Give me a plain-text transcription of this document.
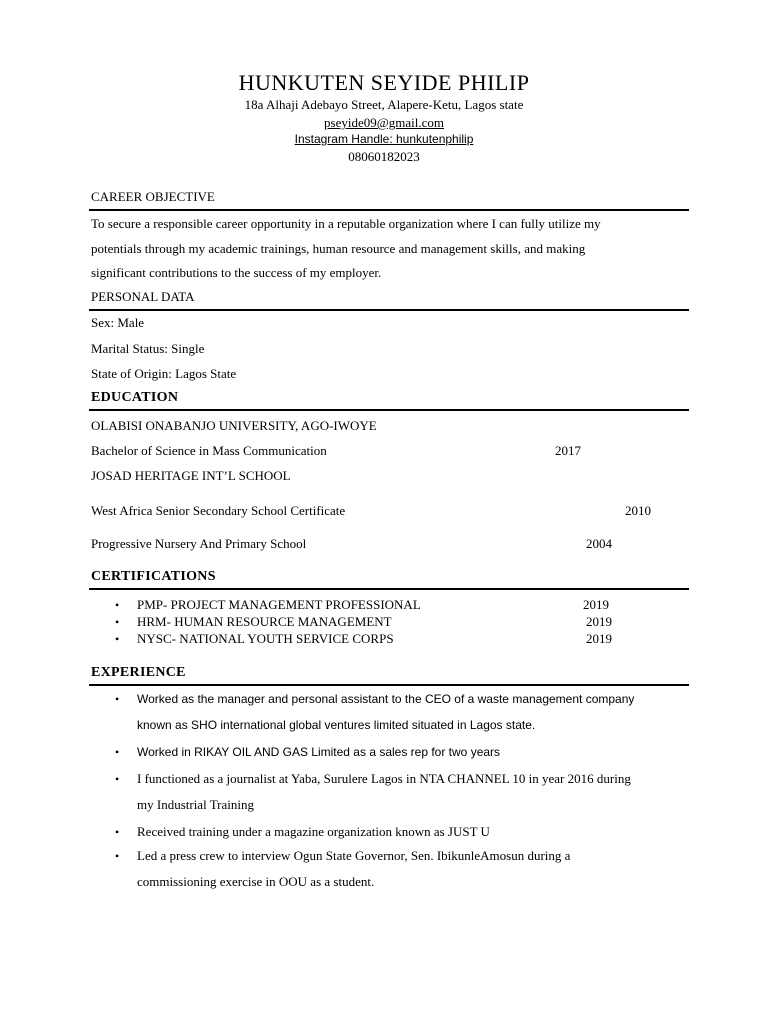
HUNKUTEN SEYIDE PHILIP
18a Alhaji Adebayo Street, Alapere-Ketu, Lagos state
pseyide09@gmail.com
Instagram Handle: hunkutenphilip
08060182023
CAREER OBJECTIVE
To secure a responsible career opportunity in a reputable organization where I can fully utilize my
potentials through my academic trainings, human resource and management skills, and making
significant contributions to the success of my employer.
PERSONAL DATA
Sex: Male
Marital Status: Single
State of Origin: Lagos State
EDUCATION
OLABISI ONABANJO UNIVERSITY, AGO-IWOYE
Bachelor of Science in Mass Communication	2017
JOSAD HERITAGE INT’L SCHOOL
West Africa Senior Secondary School Certificate	2010
Progressive Nursery And Primary School	2004
CERTIFICATIONS
• PMP- PROJECT MANAGEMENT PROFESSIONAL	2019
• HRM- HUMAN RESOURCE MANAGEMENT	2019
• NYSC- NATIONAL YOUTH SERVICE CORPS	2019
EXPERIENCE
• Worked as the manager and personal assistant to the CEO of a waste management company
known as SHO international global ventures limited situated in Lagos state.
• Worked in RIKAY OIL AND GAS Limited as a sales rep for two years
• I functioned as a journalist at Yaba, Surulere Lagos in NTA CHANNEL 10 in year 2016 during
my Industrial Training
• Received training under a magazine organization known as JUST U
• Led a press crew to interview Ogun State Governor, Sen. IbikunleAmosun during a
commissioning exercise in OOU as a student.
